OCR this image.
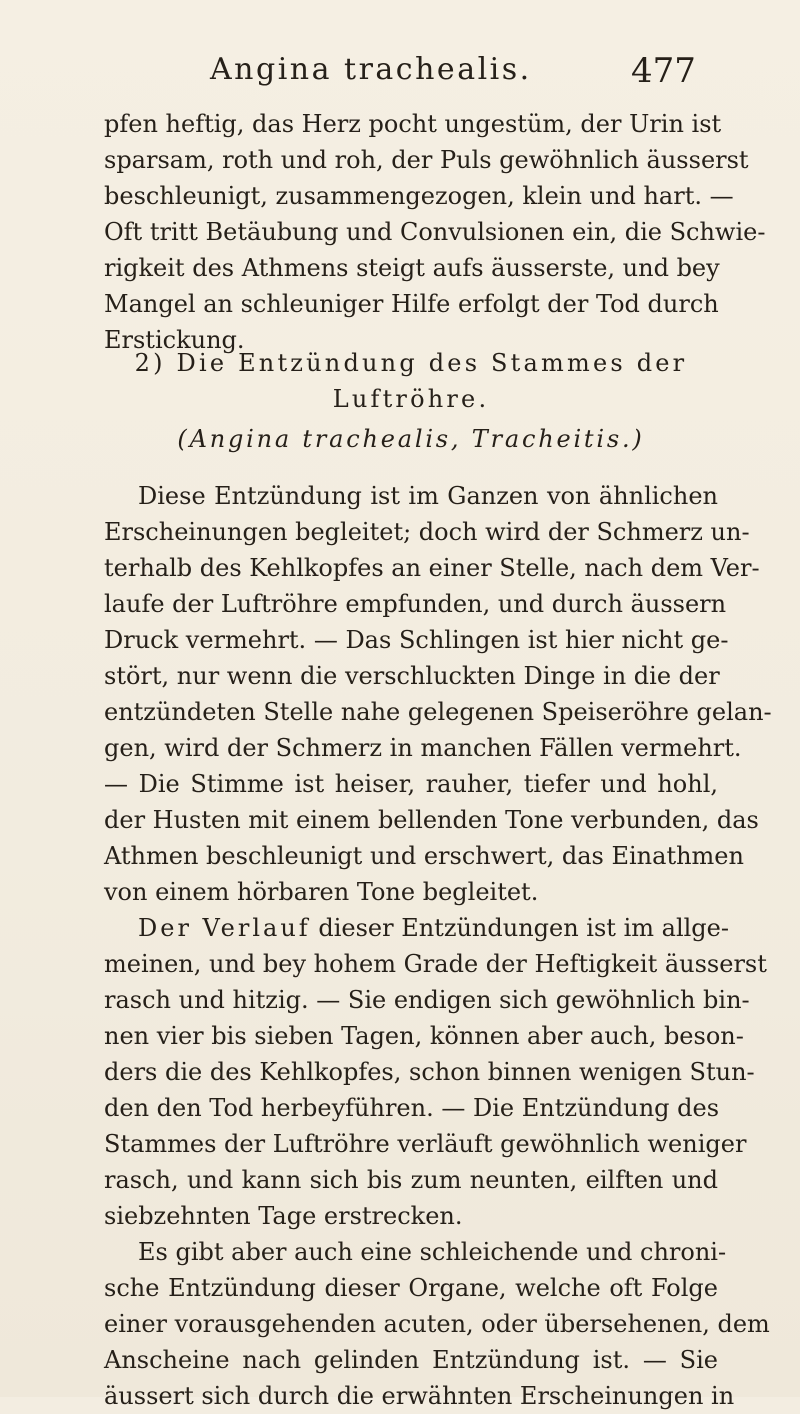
Angina trachealis.	477
pfen heftig, das Herz pocht ungestüm, der Urin ist
sparsam, roth und roh, der Puls gewöhnlich äusserst
beschleunigt, zusammengezogen, klein und hart. —
Oft tritt Betäubung und Convulsionen ein, die Schwie-
rigkeit des Athmens steigt aufs äusserste, und bey
Mangel an schleuniger Hilfe erfolgt der Tod durch
Erstickung.
2) Die Entzündung des Stammes der
Luftröhre.
(Angina trachealis, Tracheitis.)
Diese Entzündung ist im Ganzen von ähnlichen
Erscheinungen begleitet; doch wird der Schmerz un-
terhalb des Kehlkopfes an einer Stelle, nach dem Ver-
laufe der Luftröhre empfunden, und durch äussern
Druck vermehrt. — Das Schlingen ist hier nicht ge-
stört, nur wenn die verschluckten Dinge in die der
entzündeten Stelle nahe gelegenen Speiseröhre gelan-
gen, wird der Schmerz in manchen Fällen vermehrt.
— Die Stimme ist heiser, rauher, tiefer und hohl,
der Husten mit einem bellenden Tone verbunden, das
Athmen beschleunigt und erschwert, das Einathmen
von einem hörbaren Tone begleitet.
Der Verlauf dieser Entzündungen ist im allge-
meinen, und bey hohem Grade der Heftigkeit äusserst
rasch und hitzig. — Sie endigen sich gewöhnlich bin-
nen vier bis sieben Tagen, können aber auch, beson-
ders die des Kehlkopfes, schon binnen wenigen Stun-
den den Tod herbeyführen. — Die Entzündung des
Stammes der Luftröhre verläuft gewöhnlich weniger
rasch, und kann sich bis zum neunten, eilften und
siebzehnten Tage erstrecken.
Es gibt aber auch eine schleichende und chroni-
sche Entzündung dieser Organe, welche oft Folge
einer vorausgehenden acuten, oder übersehenen, dem
Anscheine nach gelinden Entzündung ist. — Sie
äussert sich durch die erwähnten Erscheinungen in
